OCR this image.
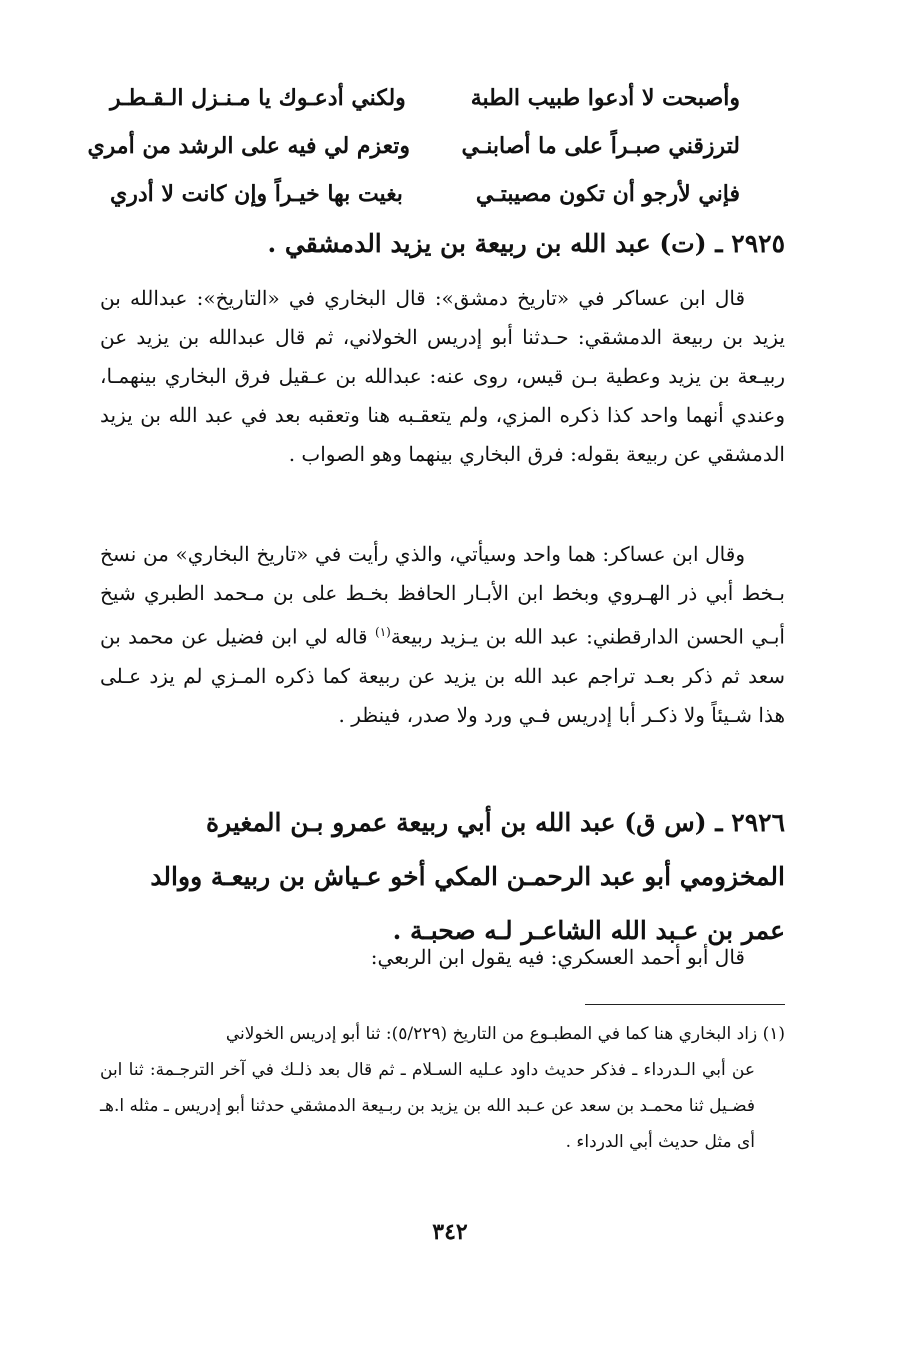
وأصبحت لا أدعوا طبيب الطبة
ولكني أدعـوك يا مـنـزل الـقـطـر
لترزقني صبـراً على ما أصابنـي
وتعزم لي فيه على الرشد من أمري
فإني لأرجو أن تكون مصيبتـي
بغيت بها خيـراً وإن كانت لا أدري
٢٩٢٥ ـ (ت) عبد الله بن ربيعة بن يزيد الدمشقي .
قال ابن عساكر في «تاريخ دمشق»: قال البخاري في «التاريخ»: عبدالله بن يزيد بن ربيعة الدمشقي: حـدثنا أبو إدريس الخولاني، ثم قال عبدالله بن يزيد عن ربيـعة بن يزيد وعطية بـن قيس، روى عنه: عبدالله بن عـقيل فرق البخاري بينهمـا، وعندي أنهما واحد كذا ذكره المزي، ولم يتعقـبه هنا وتعقبه بعد في عبد الله بن يزيد الدمشقي عن ربيعة بقوله: فرق البخاري بينهما وهو الصواب .
وقال ابن عساكر: هما واحد وسيأتي، والذي رأيت في «تاريخ البخاري» من نسخ بـخط أبي ذر الهـروي وبخط ابن الأبـار الحافظ بخـط على بن مـحمد الطبري شيخ أبـي الحسن الدارقطني: عبد الله بن يـزيد ربيعة$^{(١)}$ قاله لي ابن فضيل عن محمد بن سعد ثم ذكر بعـد تراجم عبد الله بن يزيد عن ربيعة كما ذكره المـزي لم يزد عـلى هذا شـيئاً ولا ذكـر أبا إدريس فـي ورد ولا صدر، فينظر .
٢٩٢٦ ـ (س ق) عبد الله بن أبي ربيعة عمرو بـن المغيرة المخزومي أبو عبد الرحمـن المكي أخو عـياش بن ربيعـة ووالد عمر بن عـبد الله الشاعـر لـه صحبـة .
قال أبو أحمد العسكري: فيه يقول ابن الربعي:
(١) زاد البخاري هنا كما في المطبـوع من التاريخ (٥/٢٢٩): ثنا أبو إدريس الخولاني
عن أبي الـدرداء ـ فذكر حديث داود عـليه السـلام ـ ثم قال بعد ذلـك في آخر الترجـمة: ثنا ابن فضـيل ثنا محمـد بن سعد عن عـبد الله بن يزيد بن ربـيعة الدمشقي حدثنا أبو إدريس ـ مثله ا.هـ أى مثل حديث أبي الدرداء .
٣٤٢
